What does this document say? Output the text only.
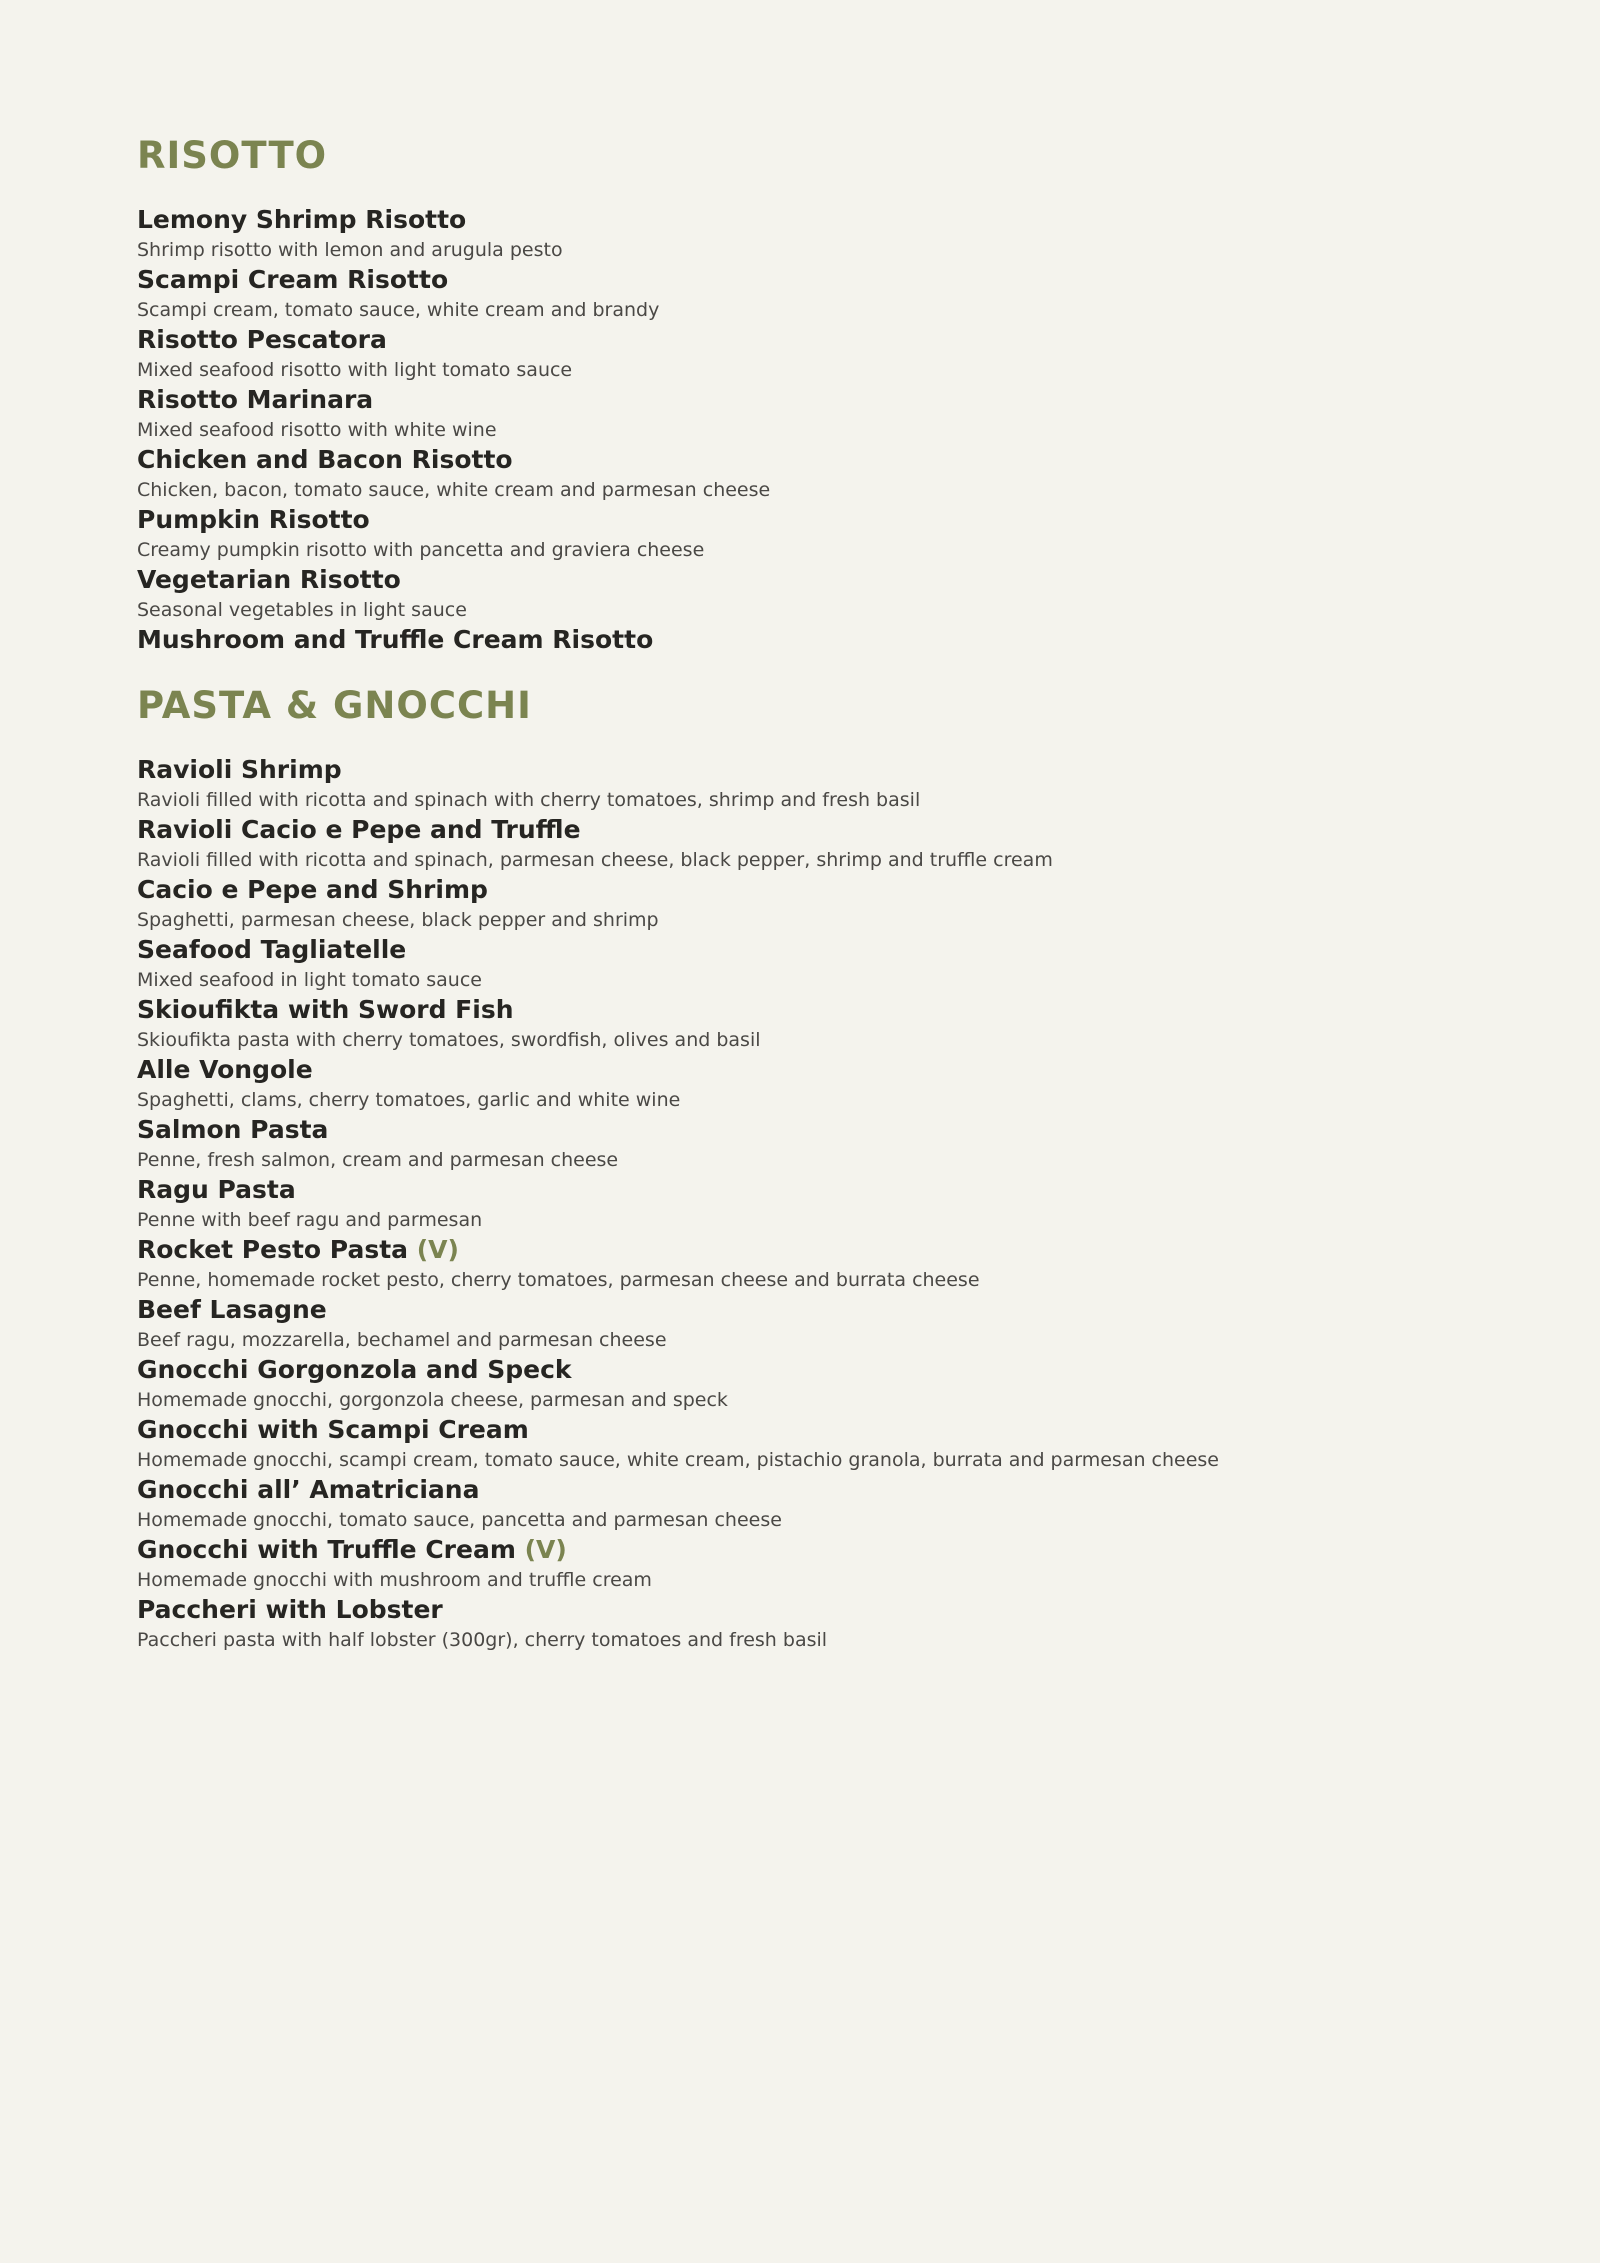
RISOTTO
Lemony Shrimp Risotto
Shrimp risotto with lemon and arugula pesto
Scampi Cream Risotto
Scampi cream, tomato sauce, white cream and brandy
Risotto Pescatora
Mixed seafood risotto with light tomato sauce
Risotto Marinara
Mixed seafood risotto with white wine
Chicken and Bacon Risotto
Chicken, bacon, tomato sauce, white cream and parmesan cheese
Pumpkin Risotto
Creamy pumpkin risotto with pancetta and graviera cheese
Vegetarian Risotto
Seasonal vegetables in light sauce
Mushroom and Truffle Cream Risotto
PASTA & GNOCCHI
Ravioli Shrimp
Ravioli filled with ricotta and spinach with cherry tomatoes, shrimp and fresh basil
Ravioli Cacio e Pepe and Truffle
Ravioli filled with ricotta and spinach, parmesan cheese, black pepper, shrimp and truffle cream
Cacio e Pepe and Shrimp
Spaghetti, parmesan cheese, black pepper and shrimp
Seafood Tagliatelle
Mixed seafood in light tomato sauce
Skioufikta with Sword Fish
Skioufikta pasta with cherry tomatoes, swordfish, olives and basil
Alle Vongole
Spaghetti, clams, cherry tomatoes, garlic and white wine
Salmon Pasta
Penne, fresh salmon, cream and parmesan cheese
Ragu Pasta
Penne with beef ragu and parmesan
Rocket Pesto Pasta (V)
Penne, homemade rocket pesto, cherry tomatoes, parmesan cheese and burrata cheese
Beef Lasagne
Beef ragu, mozzarella, bechamel and parmesan cheese
Gnocchi Gorgonzola and Speck
Homemade gnocchi, gorgonzola cheese, parmesan and speck
Gnocchi with Scampi Cream
Homemade gnocchi, scampi cream, tomato sauce, white cream, pistachio granola, burrata and parmesan cheese
Gnocchi all’ Amatriciana
Homemade gnocchi, tomato sauce, pancetta and parmesan cheese
Gnocchi with Truffle Cream (V)
Homemade gnocchi with mushroom and truffle cream
Paccheri with Lobster
Paccheri pasta with half lobster (300gr), cherry tomatoes and fresh basil
